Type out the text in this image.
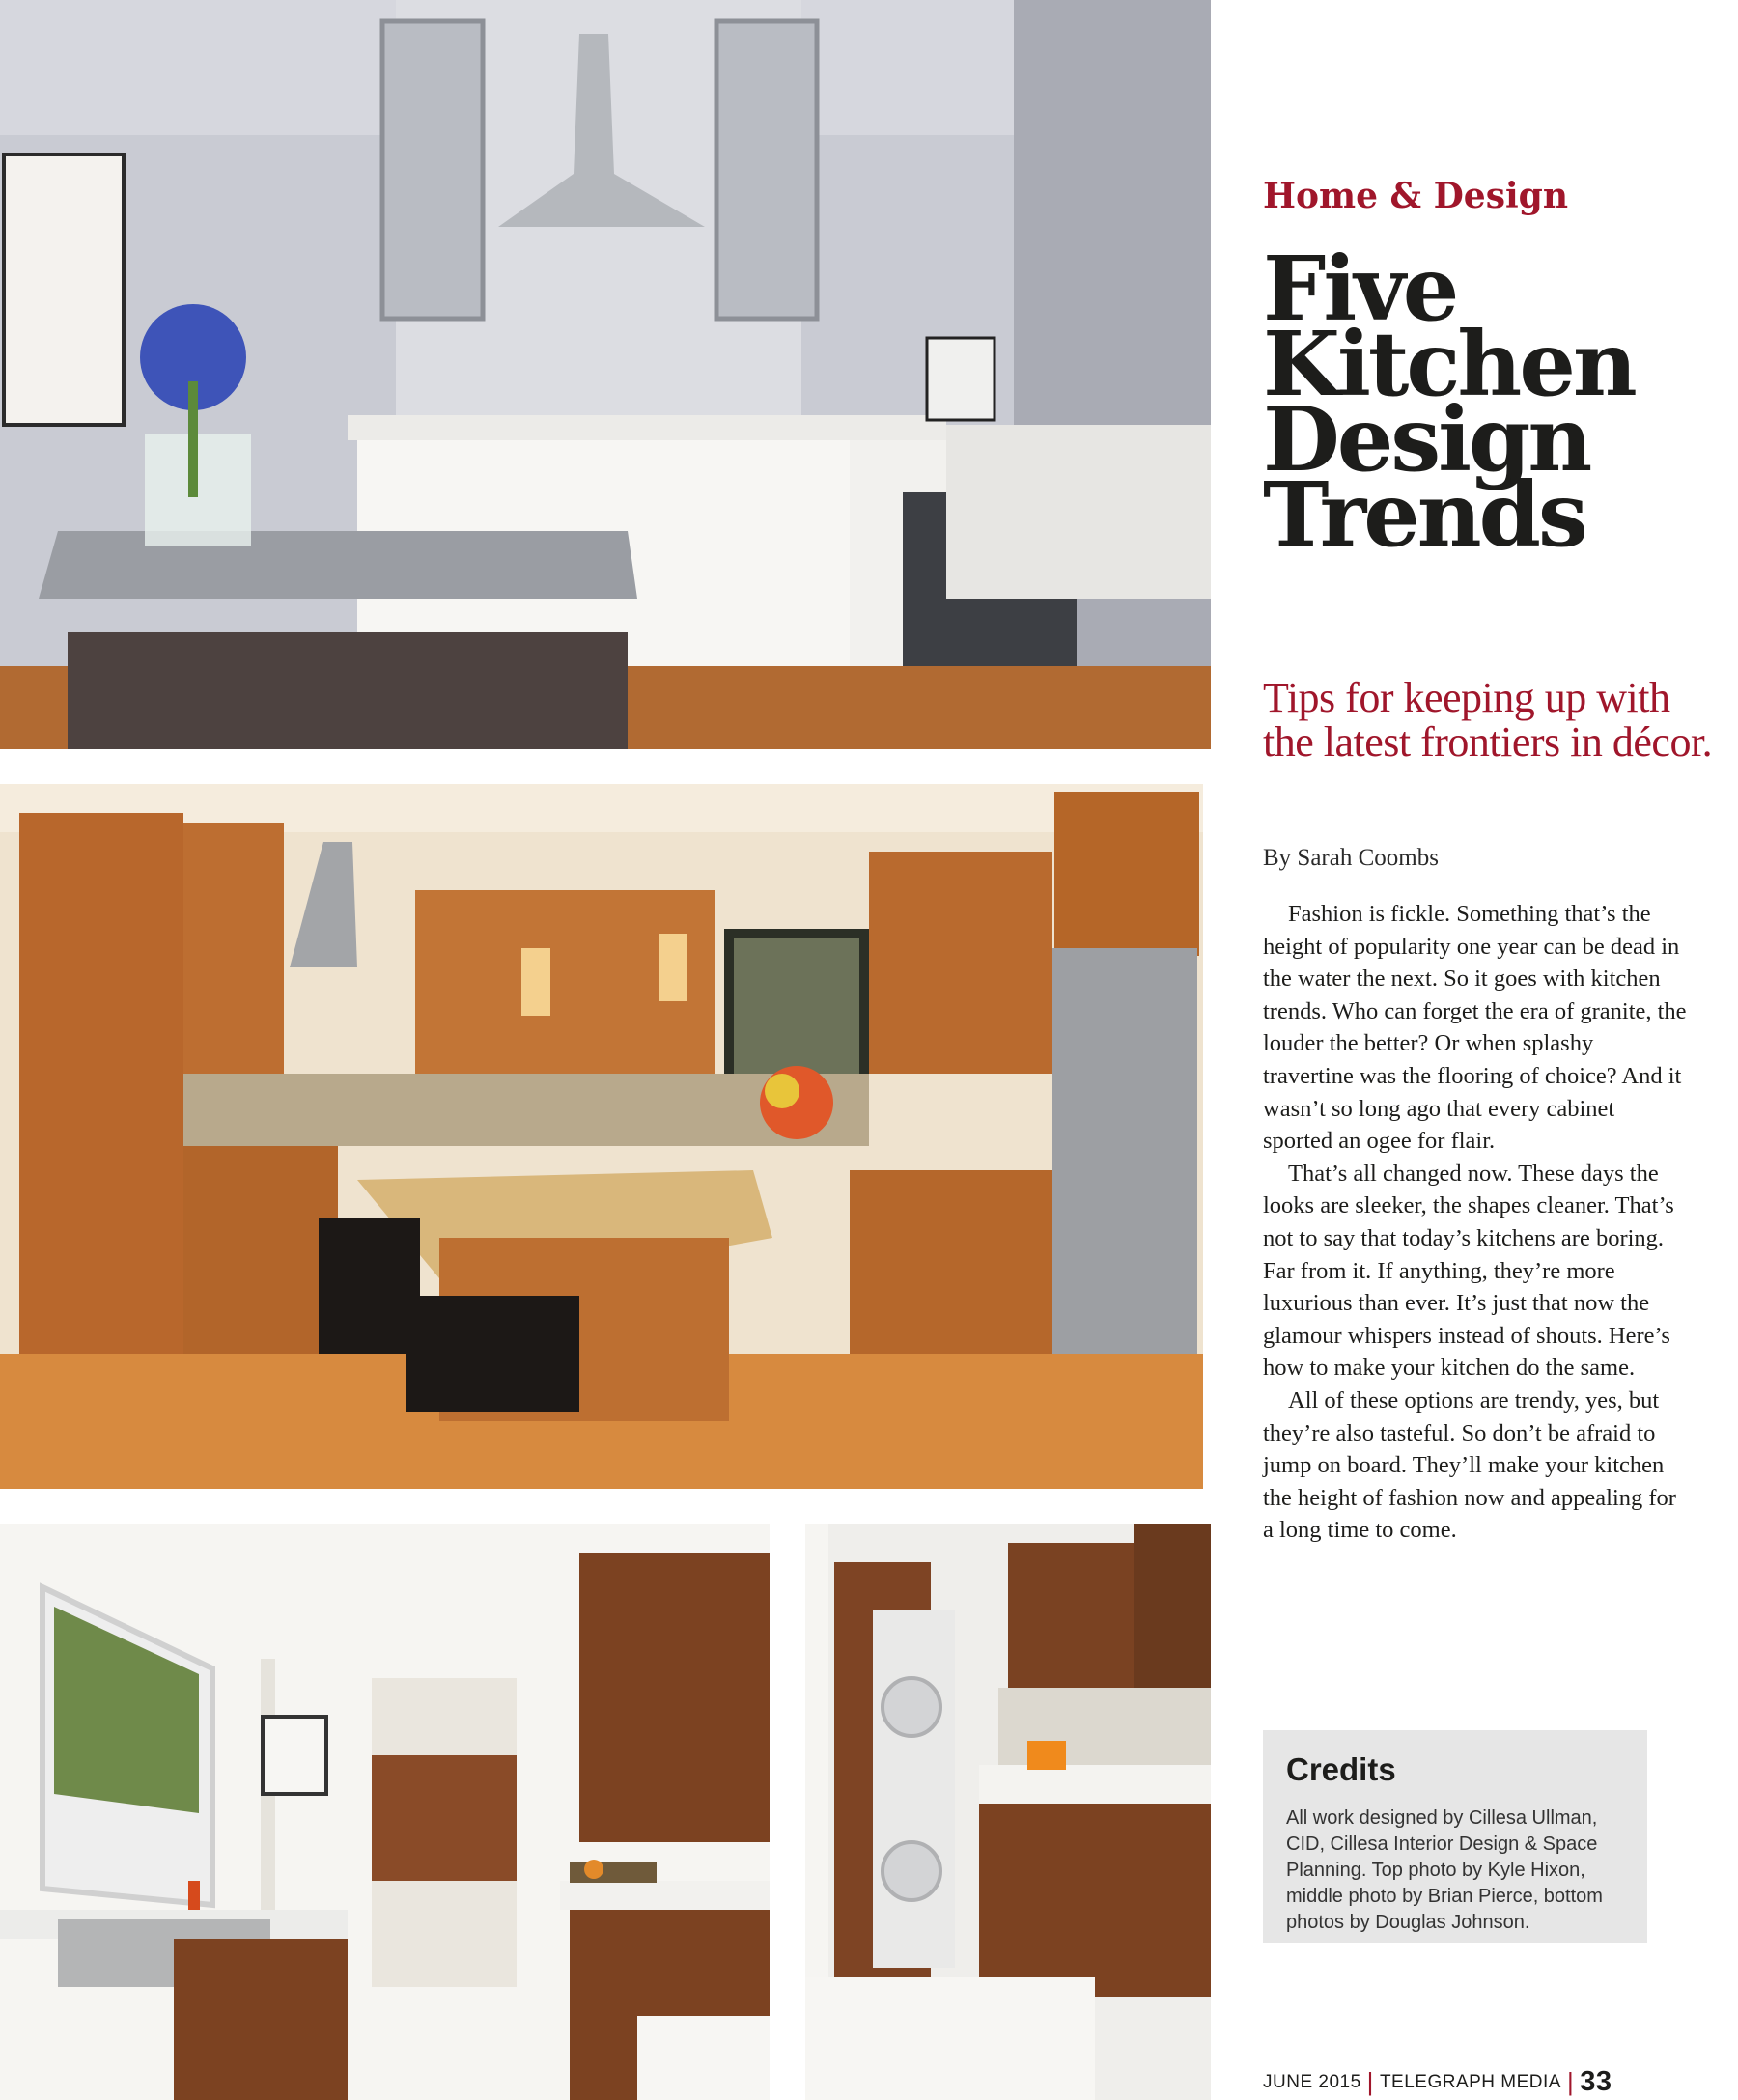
Home & Design
Five
Kitchen
Design
Trends
Tips for keeping up with the latest frontiers in décor.
By Sarah Coombs

Fashion is fickle. Something that’s the height of popularity one year can be dead in the water the next. So it goes with kitchen trends. Who can forget the era of granite, the louder the better? Or when splashy travertine was the flooring of choice? And it wasn’t so long ago that every cabinet sported an ogee for flair.

That’s all changed now. These days the looks are sleeker, the shapes cleaner. That’s not to say that today’s kitchens are boring. Far from it. If anything, they’re more luxurious than ever. It’s just that now the glamour whispers instead of shouts. Here’s how to make your kitchen do the same.

All of these options are trendy, yes, but they’re also tasteful. So don’t be afraid to jump on board. They’ll make your kitchen the height of fashion now and appealing for a long time to come.

Credits
All work designed by Cillesa Ullman, CID, Cillesa Interior Design & Space Planning. Top photo by Kyle Hixon, middle photo by Brian Pierce, bottom photos by Douglas Johnson.
JUNE 2015 | TELEGRAPH MEDIA | 33
